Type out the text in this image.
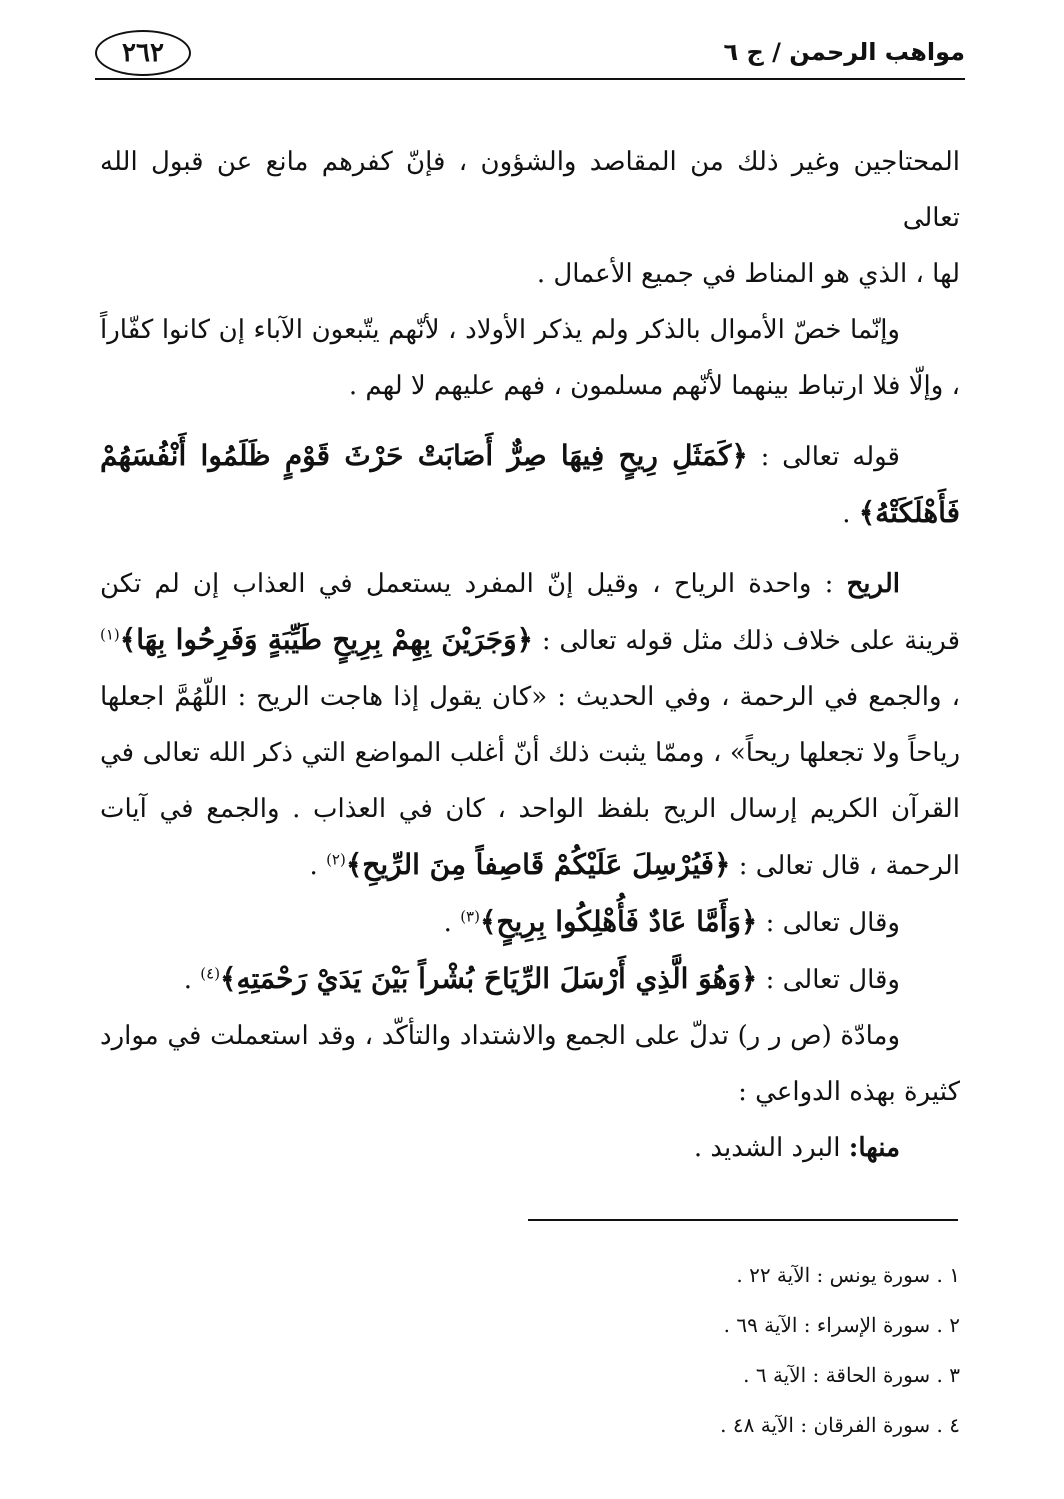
مواهب الرحمن / ج ٦
٢٦٢

المحتاجين وغير ذلك من المقاصد والشؤون ، فإنّ كفرهم مانع عن قبول الله تعالى
لها ، الذي هو المناط في جميع الأعمال .

وإنّما خصّ الأموال بالذكر ولم يذكر الأولاد ، لأنّهم يتّبعون الآباء إن كانوا كفّاراً ، وإلّا فلا ارتباط بينهما لأنّهم مسلمون ، فهم عليهم لا لهم .

قوله تعالى : ﴿كَمَثَلِ رِيحٍ فِيهَا صِرٌّ أَصَابَتْ حَرْثَ قَوْمٍ ظَلَمُوا أَنْفُسَهُمْ فَأَهْلَكَتْهُ﴾ .

الريح : واحدة الرياح ، وقيل إنّ المفرد يستعمل في العذاب إن لم تكن قرينة على خلاف ذلك مثل قوله تعالى : ﴿وَجَرَيْنَ بِهِمْ بِرِيحٍ طَيِّبَةٍ وَفَرِحُوا بِهَا﴾$^{(١)}$ ، والجمع في الرحمة ، وفي الحديث : «كان يقول إذا هاجت الريح : اللّهُمَّ اجعلها رياحاً ولا تجعلها ريحاً» ، وممّا يثبت ذلك أنّ أغلب المواضع التي ذكر الله تعالى في القرآن الكريم إرسال الريح بلفظ الواحد ، كان في العذاب . والجمع في آيات الرحمة ، قال تعالى : ﴿فَيُرْسِلَ عَلَيْكُمْ قَاصِفاً مِنَ الرِّيحِ﴾$^{(٢)}$ .

وقال تعالى : ﴿وَأَمَّا عَادٌ فَأُهْلِكُوا بِرِيحٍ﴾$^{(٣)}$ .

وقال تعالى : ﴿وَهُوَ الَّذِي أَرْسَلَ الرِّيَاحَ بُشْراً بَيْنَ يَدَيْ رَحْمَتِهِ﴾$^{(٤)}$ .

ومادّة (ص ر ر) تدلّ على الجمع والاشتداد والتأكّد ، وقد استعملت في موارد كثيرة بهذه الدواعي :

منها: البرد الشديد .

١ . سورة يونس : الآية ٢٢ .

٢ . سورة الإسراء : الآية ٦٩ .

٣ . سورة الحاقة : الآية ٦ .

٤ . سورة الفرقان : الآية ٤٨ .
